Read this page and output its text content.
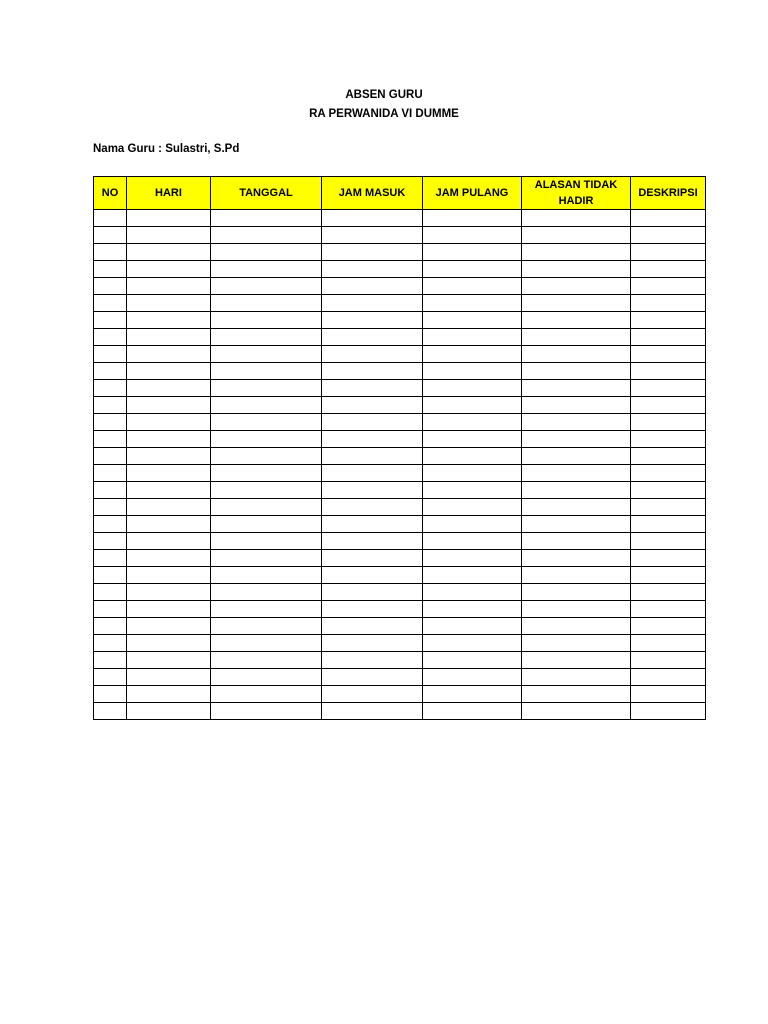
ABSEN GURU
RA PERWANIDA VI DUMME
Nama Guru : Sulastri, S.Pd
NO	HARI	TANGGAL	JAM MASUK	JAM PULANG	ALASAN TIDAK HADIR	DESKRIPSI
